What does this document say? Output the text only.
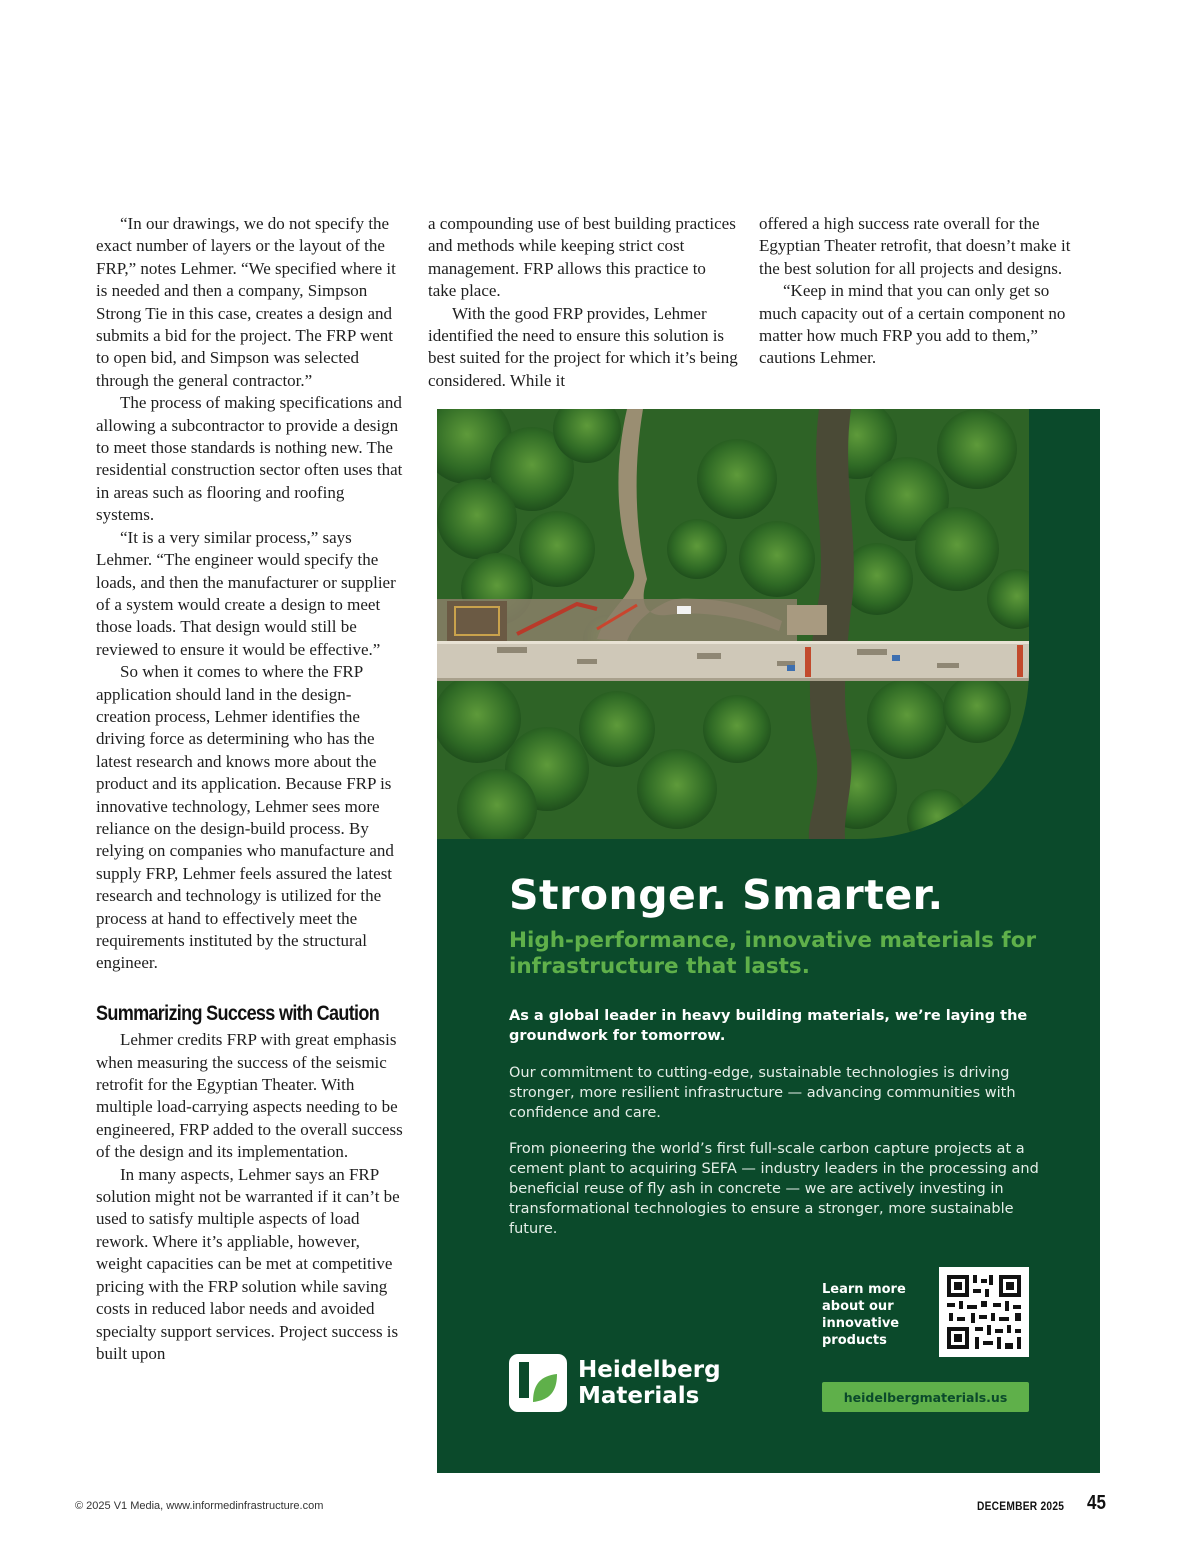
“In our drawings, we do not specify the exact number of layers or the layout of the FRP,” notes Lehmer. “We specified where it is needed and then a company, Simpson Strong Tie in this case, creates a design and submits a bid for the project. The FRP went to open bid, and Simpson was selected through the general contractor.”

The process of making specifications and allowing a subcontractor to provide a design to meet those standards is nothing new. The residential construction sector often uses that in areas such as flooring and roofing systems.

“It is a very similar process,” says Lehmer. “The engineer would specify the loads, and then the manufacturer or supplier of a system would create a design to meet those loads. That design would still be reviewed to ensure it would be effective.”

So when it comes to where the FRP application should land in the design-creation process, Lehmer identifies the driving force as determining who has the latest research and knows more about the product and its application. Because FRP is innovative technology, Lehmer sees more reliance on the design-build process. By relying on companies who manufacture and supply FRP, Lehmer feels assured the latest research and technology is utilized for the process at hand to effectively meet the requirements instituted by the structural engineer.

Summarizing Success with Caution

Lehmer credits FRP with great emphasis when measuring the success of the seismic retrofit for the Egyptian Theater. With multiple load-carrying aspects needing to be engineered, FRP added to the overall success of the design and its implementation.

In many aspects, Lehmer says an FRP solution might not be warranted if it can’t be used to satisfy multiple aspects of load rework. Where it’s appliable, however, weight capacities can be met at competitive pricing with the FRP solution while saving costs in reduced labor needs and avoided specialty support services. Project success is built upon

a compounding use of best building practices and methods while keeping strict cost management. FRP allows this practice to take place.

With the good FRP provides, Lehmer identified the need to ensure this solution is best suited for the project for which it’s being considered. While it

offered a high success rate overall for the Egyptian Theater retrofit, that doesn’t make it the best solution for all projects and designs.

“Keep in mind that you can only get so much capacity out of a certain component no matter how much FRP you add to them,” cautions Lehmer.

Stronger. Smarter.

High-performance, innovative materials for infrastructure that lasts.

As a global leader in heavy building materials, we’re laying the groundwork for tomorrow.

Our commitment to cutting-edge, sustainable technologies is driving stronger, more resilient infrastructure — advancing communities with confidence and care.

From pioneering the world’s first full-scale carbon capture projects at a cement plant to acquiring SEFA — industry leaders in the processing and beneficial reuse of fly ash in concrete — we are actively investing in transformational technologies to ensure a stronger, more sustainable future.

Learn more about our innovative products

heidelbergmaterials.us

Heidelberg

Materials

© 2025 V1 Media, www.informedinfrastructure.com	DECEMBER 2025 45
